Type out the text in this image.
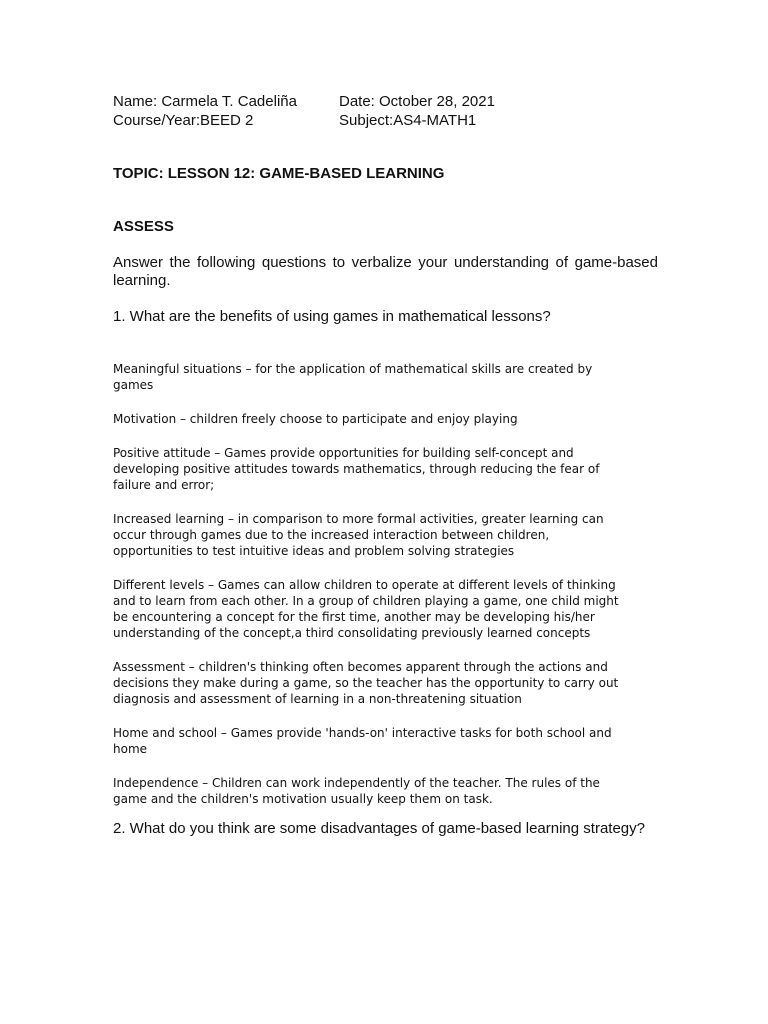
Name: Carmela T. Cadeliña	Date: October 28, 2021
Course/Year:BEED 2	Subject:AS4-MATH1
TOPIC: LESSON 12: GAME-BASED LEARNING
ASSESS
Answer the following questions to verbalize your understanding of game-based learning.
1. What are the benefits of using games in mathematical lessons?

Meaningful situations – for the application of mathematical skills are created by games

Motivation – children freely choose to participate and enjoy playing

Positive attitude – Games provide opportunities for building self-concept and developing positive attitudes towards mathematics, through reducing the fear of failure and error;

Increased learning – in comparison to more formal activities, greater learning can occur through games due to the increased interaction between children, opportunities to test intuitive ideas and problem solving strategies

Different levels – Games can allow children to operate at different levels of thinking and to learn from each other. In a group of children playing a game, one child might be encountering a concept for the first time, another may be developing his/her understanding of the concept,a third consolidating previously learned concepts

Assessment – children's thinking often becomes apparent through the actions and decisions they make during a game, so the teacher has the opportunity to carry out diagnosis and assessment of learning in a non-threatening situation

Home and school – Games provide 'hands-on' interactive tasks for both school and home

Independence – Children can work independently of the teacher. The rules of the game and the children's motivation usually keep them on task.

2. What do you think are some disadvantages of game-based learning strategy?
